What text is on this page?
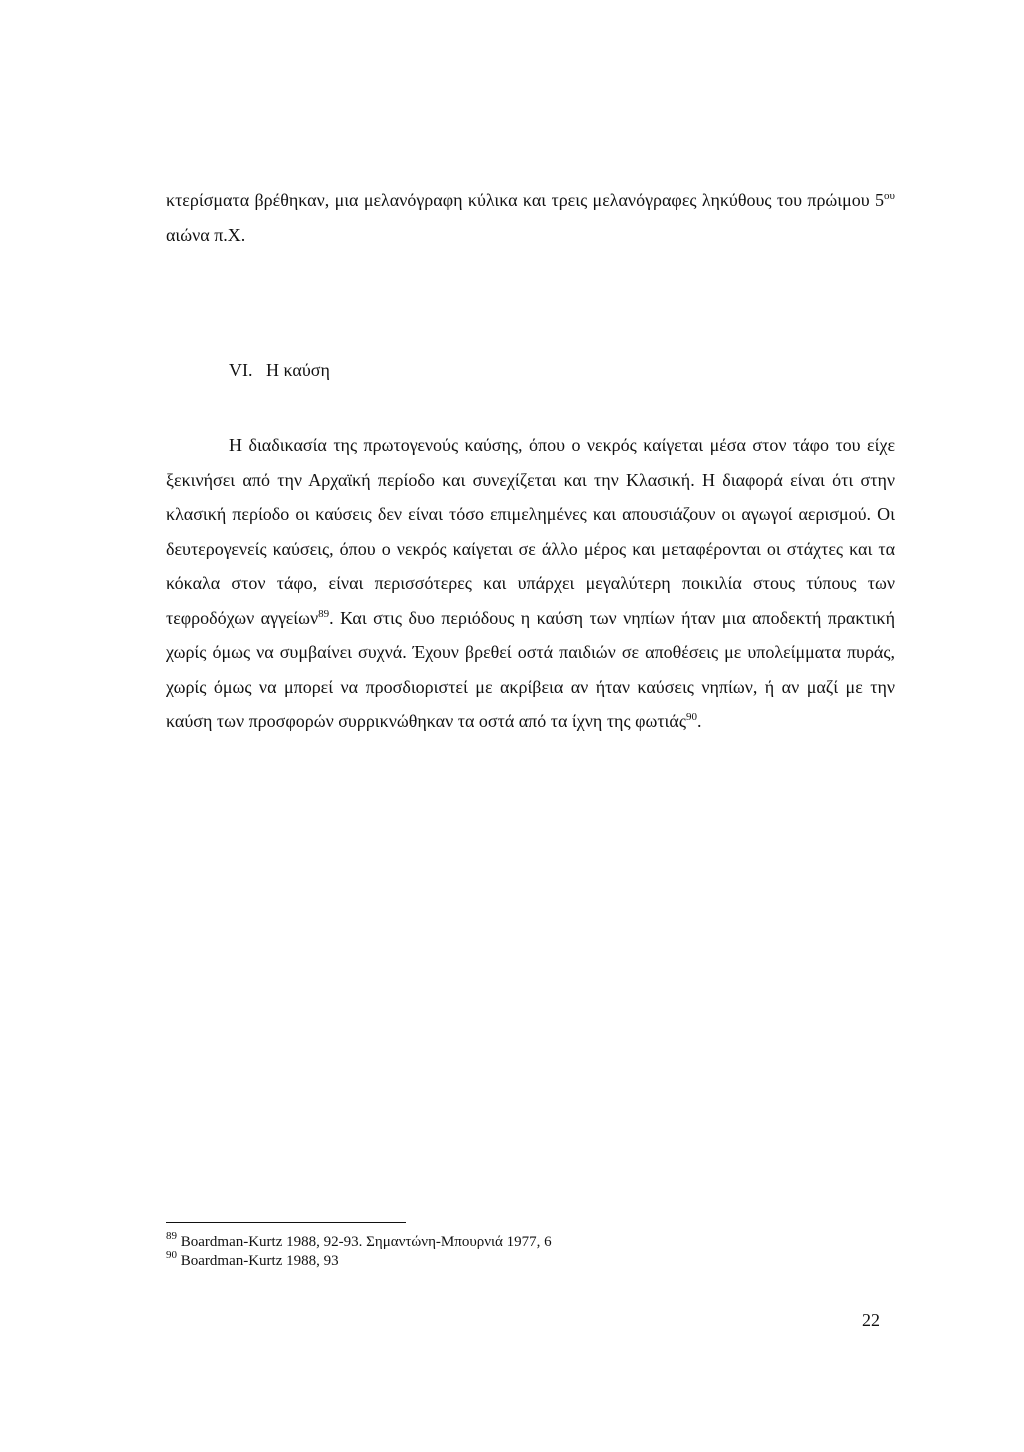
κτερίσματα βρέθηκαν, μια μελανόγραφη κύλικα και τρεις μελανόγραφες ληκύθους του πρώιμου $5^{o\upsilon}$ αιώνα π.Χ.

VI. Η καύση

Η διαδικασία της πρωτογενούς καύσης, όπου ο νεκρός καίγεται μέσα στον τάφο του είχε ξεκινήσει από την Αρχαϊκή περίοδο και συνεχίζεται και την Κλασική. Η διαφορά είναι ότι στην κλασική περίοδο οι καύσεις δεν είναι τόσο επιμελημένες και απουσιάζουν οι αγωγοί αερισμού. Οι δευτερογενείς καύσεις, όπου ο νεκρός καίγεται σε άλλο μέρος και μεταφέρονται οι στάχτες και τα κόκαλα στον τάφο, είναι περισσότερες και υπάρχει μεγαλύτερη ποικιλία στους τύπους των τεφροδόχων αγγείων$^{89}$. Και στις δυο περιόδους η καύση των νηπίων ήταν μια αποδεκτή πρακτική χωρίς όμως να συμβαίνει συχνά. Έχουν βρεθεί οστά παιδιών σε αποθέσεις με υπολείμματα πυράς, χωρίς όμως να μπορεί να προσδιοριστεί με ακρίβεια αν ήταν καύσεις νηπίων, ή αν μαζί με την καύση των προσφορών συρρικνώθηκαν τα οστά από τα ίχνη της φωτιάς$^{90}$.

$^{89}$ Boardman-Kurtz 1988, 92-93. Σημαντώνη-Μπουρνιά 1977, 6

$^{90}$ Boardman-Kurtz 1988, 93

22
